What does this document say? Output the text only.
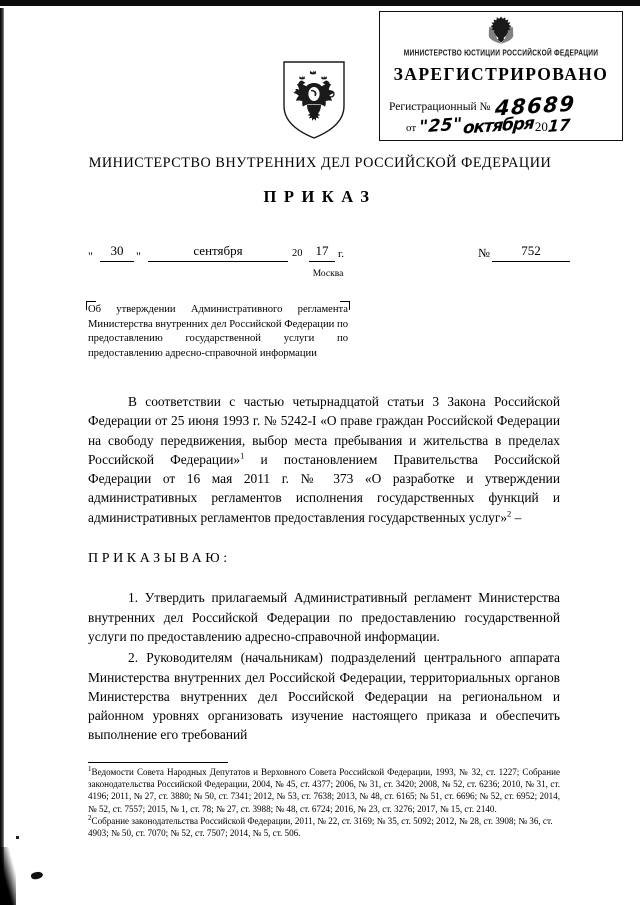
МИНИСТЕРСТВО ЮСТИЦИИ РОССИЙСКОЙ ФЕДЕРАЦИИ
ЗАРЕГИСТРИРОВАНО
Регистрационный № 48689
от "25"октября2017
МИНИСТЕРСТВО ВНУТРЕННИХ ДЕЛ РОССИЙСКОЙ ФЕДЕРАЦИИ
ПРИКАЗ
"	30	"	сентября	20	17 г.
Москва
№	752

Об утверждении Административного регламента Министерства внутренних дел Российской Федерации по предоставлению государственной услуги по предоставлению адресно-справочной информации

В соответствии с частью четырнадцатой статьи 3 Закона Российской Федерации от 25 июня 1993 г. № 5242-I «О праве граждан Российской Федерации на свободу передвижения, выбор места пребывания и жительства в пределах Российской Федерации»$^1$ и постановлением Правительства Российской Федерации от 16 мая 2011 г. № 373 «О разработке и утверждении административных регламентов исполнения государственных функций и административных регламентов предоставления государственных услуг»$^2$ –

ПРИКАЗЫВАЮ:

1. Утвердить прилагаемый Административный регламент Министерства внутренних дел Российской Федерации по предоставлению государственной услуги по предоставлению адресно-справочной информации.

2. Руководителям (начальникам) подразделений центрального аппарата Министерства внутренних дел Российской Федерации, территориальных органов Министерства внутренних дел Российской Федерации на региональном и районном уровнях организовать изучение настоящего приказа и обеспечить выполнение его требований

$^1$Ведомости Совета Народных Депутатов и Верховного Совета Российской Федерации, 1993, № 32, ст. 1227; Собрание законодательства Российской Федерации, 2004, № 45, ст. 4377; 2006, № 31, ст. 3420; 2008, № 52, ст. 6236; 2010, № 31, ст. 4196; 2011, № 27, ст. 3880; № 50, ст. 7341; 2012, № 53, ст. 7638; 2013, № 48, ст. 6165; № 51, ст. 6696; № 52, ст. 6952; 2014, № 52, ст. 7557; 2015, № 1, ст. 78; № 27, ст. 3988; № 48, ст. 6724; 2016, № 23, ст. 3276; 2017, № 15, ст. 2140.

$^2$Собрание законодательства Российской Федерации, 2011, № 22, ст. 3169; № 35, ст. 5092; 2012, № 28, ст. 3908; № 36, ст. 4903; № 50, ст. 7070; № 52, ст. 7507; 2014, № 5, ст. 506.
